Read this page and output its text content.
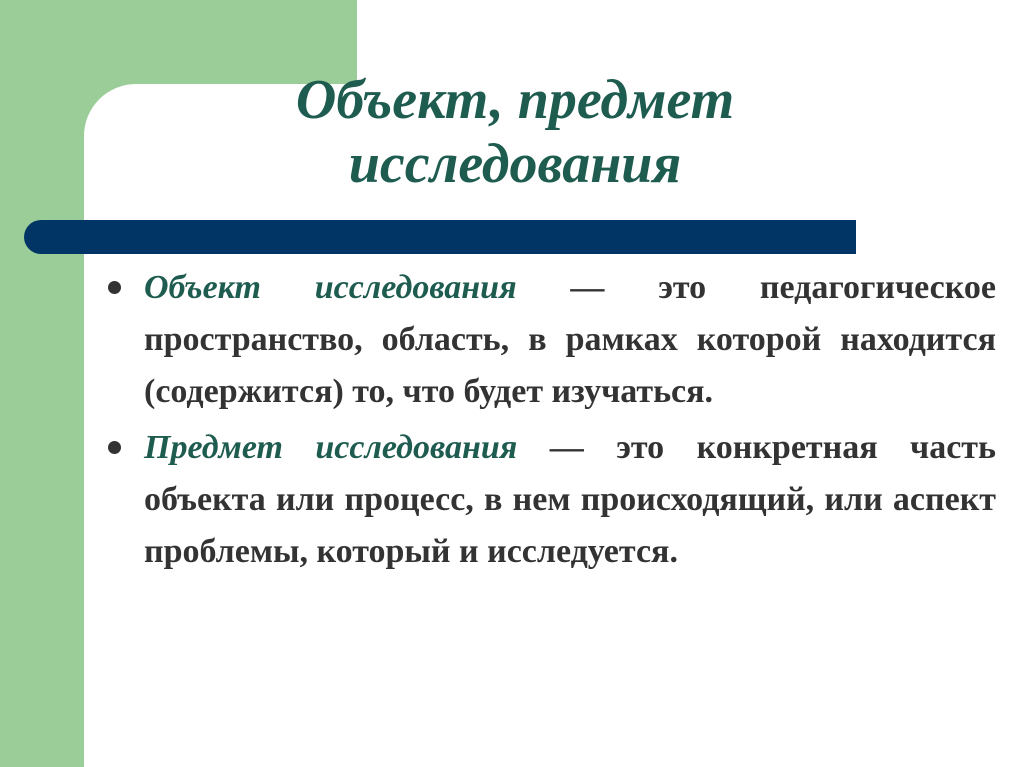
Объект, предмет
исследования
Объект исследования — это педагогическое пространство, область, в рамках которой находится (содержится) то, что будет изучаться.
Предмет исследования — это конкретная часть объекта или процесс, в нем происходящий, или аспект проблемы, который и исследуется.
